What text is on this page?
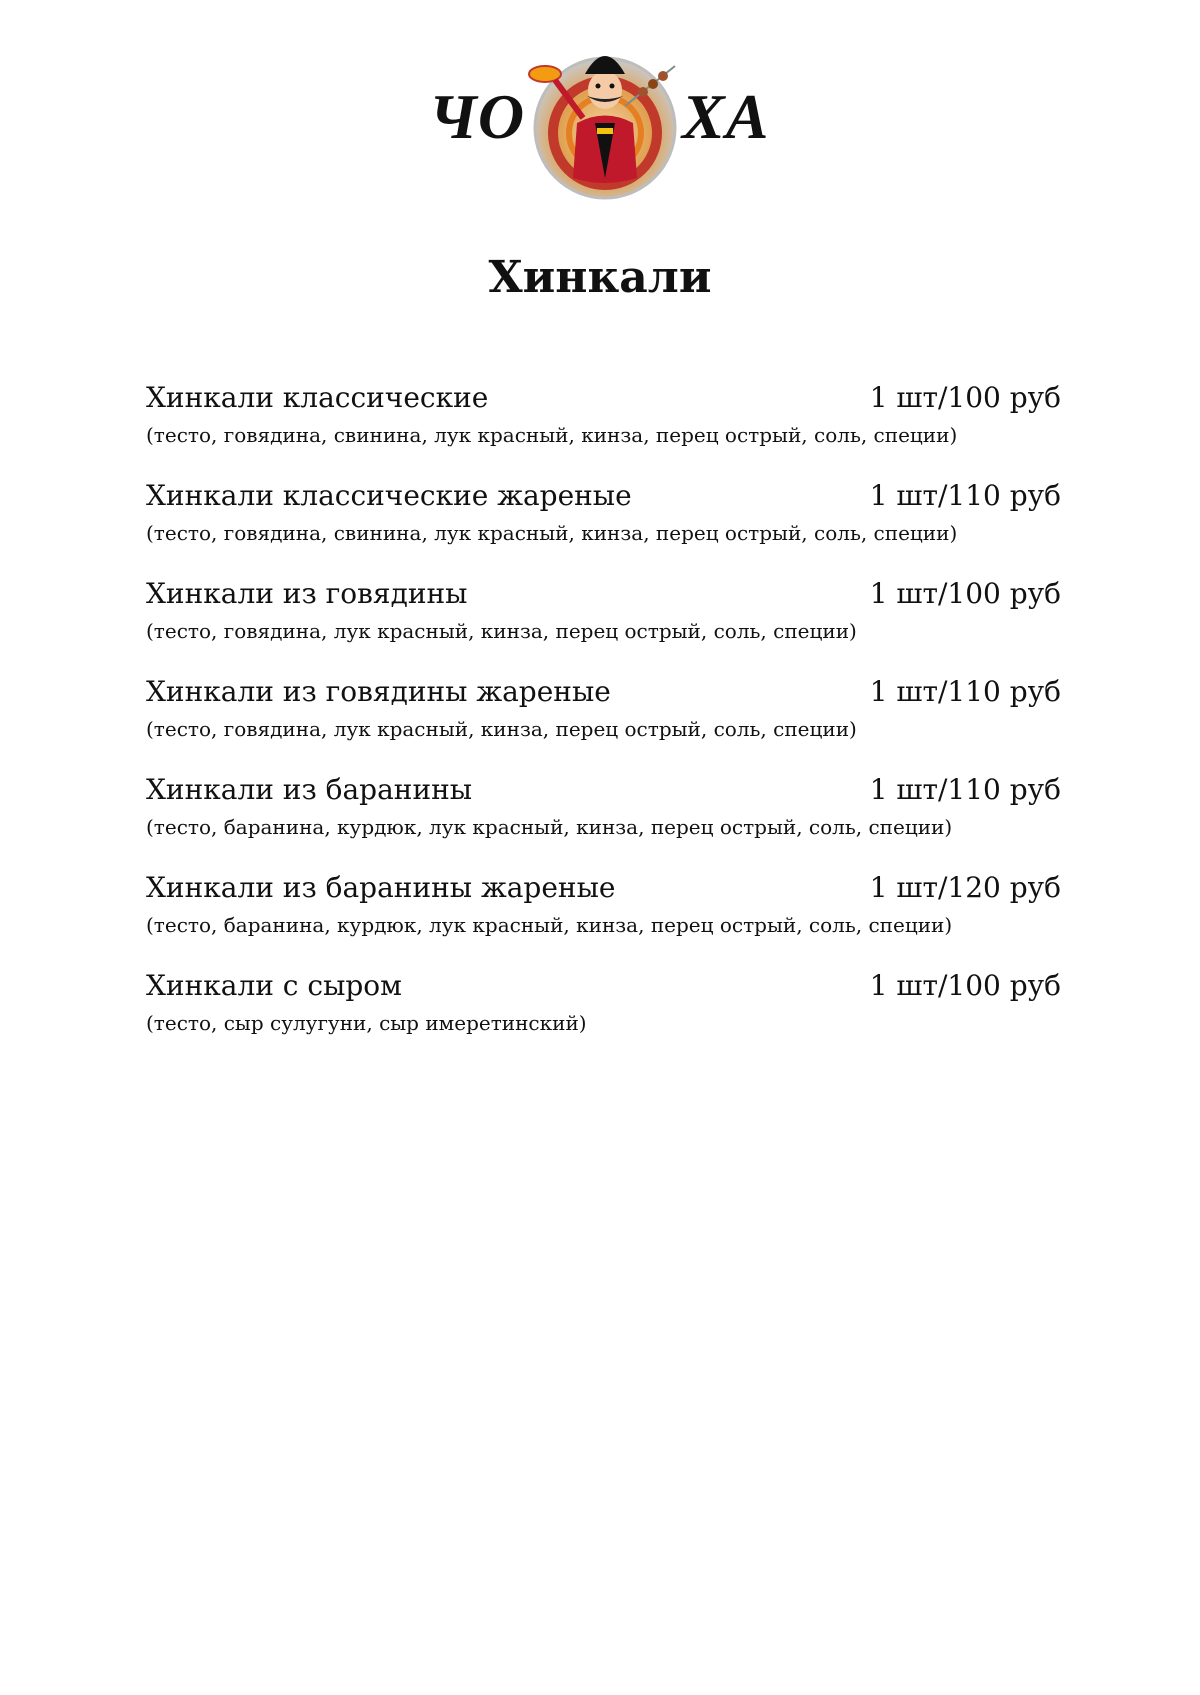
ЧО ХА
Хинкали
Хинкали классические	1 шт/100 руб
(тесто, говядина, свинина, лук красный, кинза, перец острый, соль, специи)
Хинкали классические жареные	1 шт/110 руб
(тесто, говядина, свинина, лук красный, кинза, перец острый, соль, специи)
Хинкали из говядины	1 шт/100 руб
(тесто, говядина, лук красный, кинза, перец острый, соль, специи)
Хинкали из говядины жареные	1 шт/110 руб
(тесто, говядина, лук красный, кинза, перец острый, соль, специи)
Хинкали из баранины	1 шт/110 руб
(тесто, баранина, курдюк, лук красный, кинза, перец острый, соль, специи)
Хинкали из баранины жареные	1 шт/120 руб
(тесто, баранина, курдюк, лук красный, кинза, перец острый, соль, специи)
Хинкали с сыром	1 шт/100 руб
(тесто, сыр сулугуни, сыр имеретинский)
